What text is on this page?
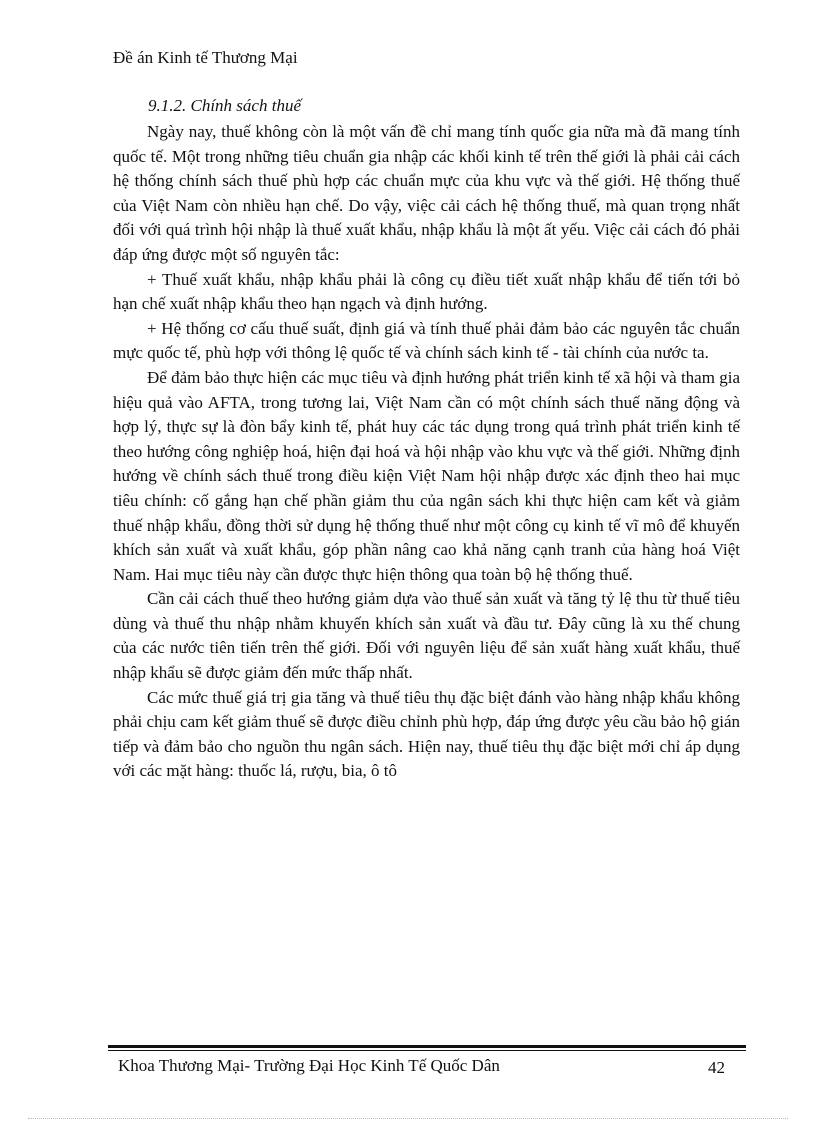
Đề án Kinh tế Thương Mại
9.1.2. Chính sách thuế

Ngày nay, thuế không còn là một vấn đề chỉ mang tính quốc gia nữa mà đã mang tính quốc tế. Một trong những tiêu chuẩn gia nhập các khối kinh tế trên thế giới là phải cải cách hệ thống chính sách thuế phù hợp các chuẩn mực của khu vực và thế giới. Hệ thống thuế của Việt Nam còn nhiều hạn chế. Do vậy, việc cải cách hệ thống thuế, mà quan trọng nhất đối với quá trình hội nhập là thuế xuất khẩu, nhập khẩu là một ất yếu. Việc cải cách đó phải đáp ứng được một số nguyên tắc:

+ Thuế xuất khẩu, nhập khẩu phải là công cụ điều tiết xuất nhập khẩu để tiến tới bỏ hạn chế xuất nhập khẩu theo hạn ngạch và định hướng.

+ Hệ thống cơ cấu thuế suất, định giá và tính thuế phải đảm bảo các nguyên tắc chuẩn mực quốc tế, phù hợp với thông lệ quốc tế và chính sách kinh tế - tài chính của nước ta.

Để đảm bảo thực hiện các mục tiêu và định hướng phát triển kinh tế xã hội và tham gia hiệu quả vào AFTA, trong tương lai, Việt Nam cần có một chính sách thuế năng động và hợp lý, thực sự là đòn bẩy kinh tế, phát huy các tác dụng trong quá trình phát triển kinh tế theo hướng công nghiệp hoá, hiện đại hoá và hội nhập vào khu vực và thế giới. Những định hướng về chính sách thuế trong điều kiện Việt Nam hội nhập được xác định theo hai mục tiêu chính: cố gắng hạn chế phần giảm thu của ngân sách khi thực hiện cam kết và giảm thuế nhập khẩu, đồng thời sử dụng hệ thống thuế như một công cụ kinh tế vĩ mô để khuyến khích sản xuất và xuất khẩu, góp phần nâng cao khả năng cạnh tranh của hàng hoá Việt Nam. Hai mục tiêu này cần được thực hiện thông qua toàn bộ hệ thống thuế.

Cần cải cách thuế theo hướng giảm dựa vào thuế sản xuất và tăng tỷ lệ thu từ thuế tiêu dùng và thuế thu nhập nhằm khuyến khích sản xuất và đầu tư. Đây cũng là xu thế chung của các nước tiên tiến trên thế giới. Đối với nguyên liệu để sản xuất hàng xuất khẩu, thuế nhập khẩu sẽ được giảm đến mức thấp nhất.

Các mức thuế giá trị gia tăng và thuế tiêu thụ đặc biệt đánh vào hàng nhập khẩu không phải chịu cam kết giảm thuế sẽ được điều chỉnh phù hợp, đáp ứng được yêu cầu bảo hộ gián tiếp và đảm bảo cho nguồn thu ngân sách. Hiện nay, thuế tiêu thụ đặc biệt mới chỉ áp dụng với các mặt hàng: thuốc lá, rượu, bia, ô tô

Khoa Thương Mại- Trường Đại Học Kinh Tế Quốc Dân	42
